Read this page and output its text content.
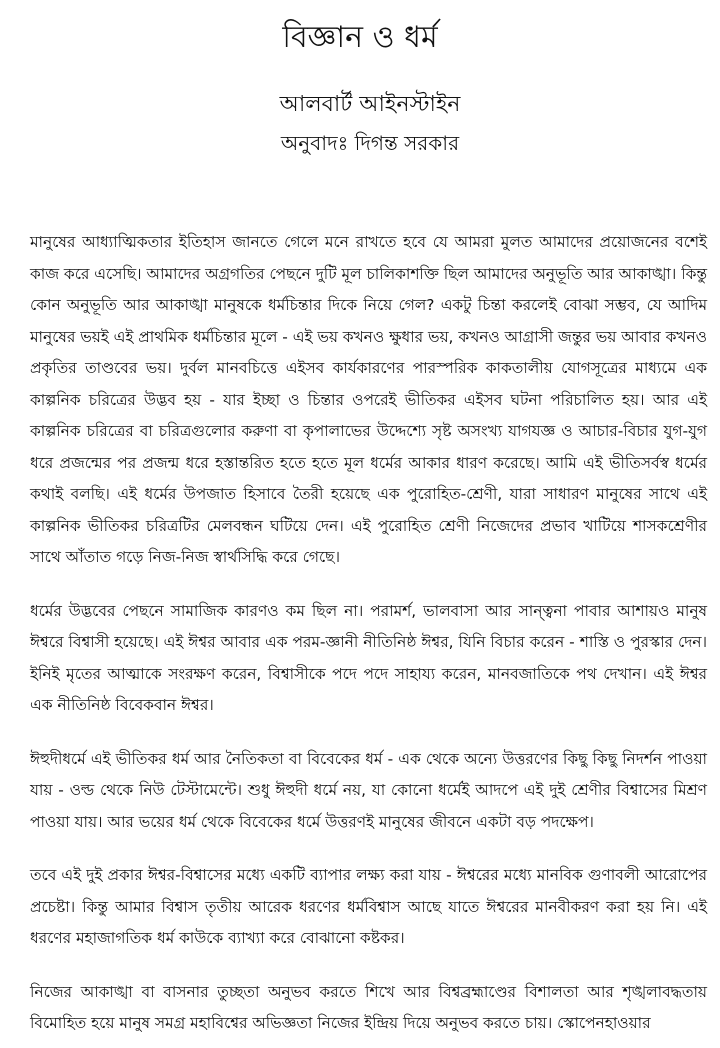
বিজ্ঞান ও ধর্ম
আলবার্ট আইনস্টাইন
অনুবাদঃ দিগন্ত সরকার

মানুষের আধ্যাত্মিকতার ইতিহাস জানতে গেলে মনে রাখতে হবে যে আমরা মুলত আমাদের প্রয়োজনের বশেই কাজ করে এসেছি। আমাদের অগ্রগতির পেছনে দুটি মূল চালিকাশক্তি ছিল আমাদের অনুভূতি আর আকাঙ্খা। কিন্তু কোন অনুভূতি আর আকাঙ্খা মানুষকে ধর্মচিন্তার দিকে নিয়ে গেল? একটু চিন্তা করলেই বোঝা সম্ভব, যে আদিম মানুষের ভয়ই এই প্রাথমিক ধর্মচিন্তার মূলে - এই ভয় কখনও ক্ষুধার ভয়, কখনও আগ্রাসী জন্তুর ভয় আবার কখনও প্রকৃতির তাণ্ডবের ভয়। দুর্বল মানবচিত্তে এইসব কার্যকারণের পারস্পরিক কাকতালীয় যোগসূত্রের মাধ্যমে এক কাল্পনিক চরিত্রের উদ্ভব হয় - যার ইচ্ছা ও চিন্তার ওপরেই ভীতিকর এইসব ঘটনা পরিচালিত হয়। আর এই কাল্পনিক চরিত্রের বা চরিত্রগুলোর করুণা বা কৃপালাভের উদ্দেশ্যে সৃষ্ট অসংখ্য যাগযজ্ঞ ও আচার-বিচার যুগ-যুগ ধরে প্রজন্মের পর প্রজন্ম ধরে হস্তান্তরিত হতে হতে মূল ধর্মের আকার ধারণ করেছে। আমি এই ভীতিসর্বস্ব ধর্মের কথাই বলছি। এই ধর্মের উপজাত হিসাবে তৈরী হয়েছে এক পুরোহিত-শ্রেণী, যারা সাধারণ মানুষের সাথে এই কাল্পনিক ভীতিকর চরিত্রটির মেলবন্ধন ঘটিয়ে দেন। এই পুরোহিত শ্রেণী নিজেদের প্রভাব খাটিয়ে শাসকশ্রেণীর সাথে আঁতাত গড়ে নিজ-নিজ স্বার্থসিদ্ধি করে গেছে।

ধর্মের উদ্ভবের পেছনে সামাজিক কারণও কম ছিল না। পরামর্শ, ভালবাসা আর সান্ত্বনা পাবার আশায়ও মানুষ ঈশ্বরে বিশ্বাসী হয়েছে। এই ঈশ্বর আবার এক পরম-জ্ঞানী নীতিনিষ্ঠ ঈশ্বর, যিনি বিচার করেন - শাস্তি ও পুরস্কার দেন। ইনিই মৃতের আত্মাকে সংরক্ষণ করেন, বিশ্বাসীকে পদে পদে সাহায্য করেন, মানবজাতিকে পথ দেখান। এই ঈশ্বর এক নীতিনিষ্ঠ বিবেকবান ঈশ্বর।

ঈহুদীধর্মে এই ভীতিকর ধর্ম আর নৈতিকতা বা বিবেকের ধর্ম - এক থেকে অন্যে উত্তরণের কিছু কিছু নিদর্শন পাওয়া যায় - ওল্ড থেকে নিউ টেস্টামেন্টে। শুধু ঈহুদী ধর্মে নয়, যা কোনো ধর্মেই আদপে এই দুই শ্রেণীর বিশ্বাসের মিশ্রণ পাওয়া যায়। আর ভয়ের ধর্ম থেকে বিবেকের ধর্মে উত্তরণই মানুষের জীবনে একটা বড় পদক্ষেপ।

তবে এই দুই প্রকার ঈশ্বর-বিশ্বাসের মধ্যে একটি ব্যাপার লক্ষ্য করা যায় - ঈশ্বরের মধ্যে মানবিক গুণাবলী আরোপের প্রচেষ্টা। কিন্তু আমার বিশ্বাস তৃতীয় আরেক ধরণের ধর্মবিশ্বাস আছে যাতে ঈশ্বরের মানবীকরণ করা হয় নি। এই ধরণের মহাজাগতিক ধর্ম কাউকে ব্যাখ্যা করে বোঝানো কষ্টকর।

নিজের আকাঙ্খা বা বাসনার তুচ্ছতা অনুভব করতে শিখে আর বিশ্বব্রহ্মাণ্ডের বিশালতা আর শৃঙ্খলাবদ্ধতায় বিমোহিত হয়ে মানুষ সমগ্র মহাবিশ্বের অভিজ্ঞতা নিজের ইন্দ্রিয় দিয়ে অনুভব করতে চায়। স্কোপেনহাওয়ার
